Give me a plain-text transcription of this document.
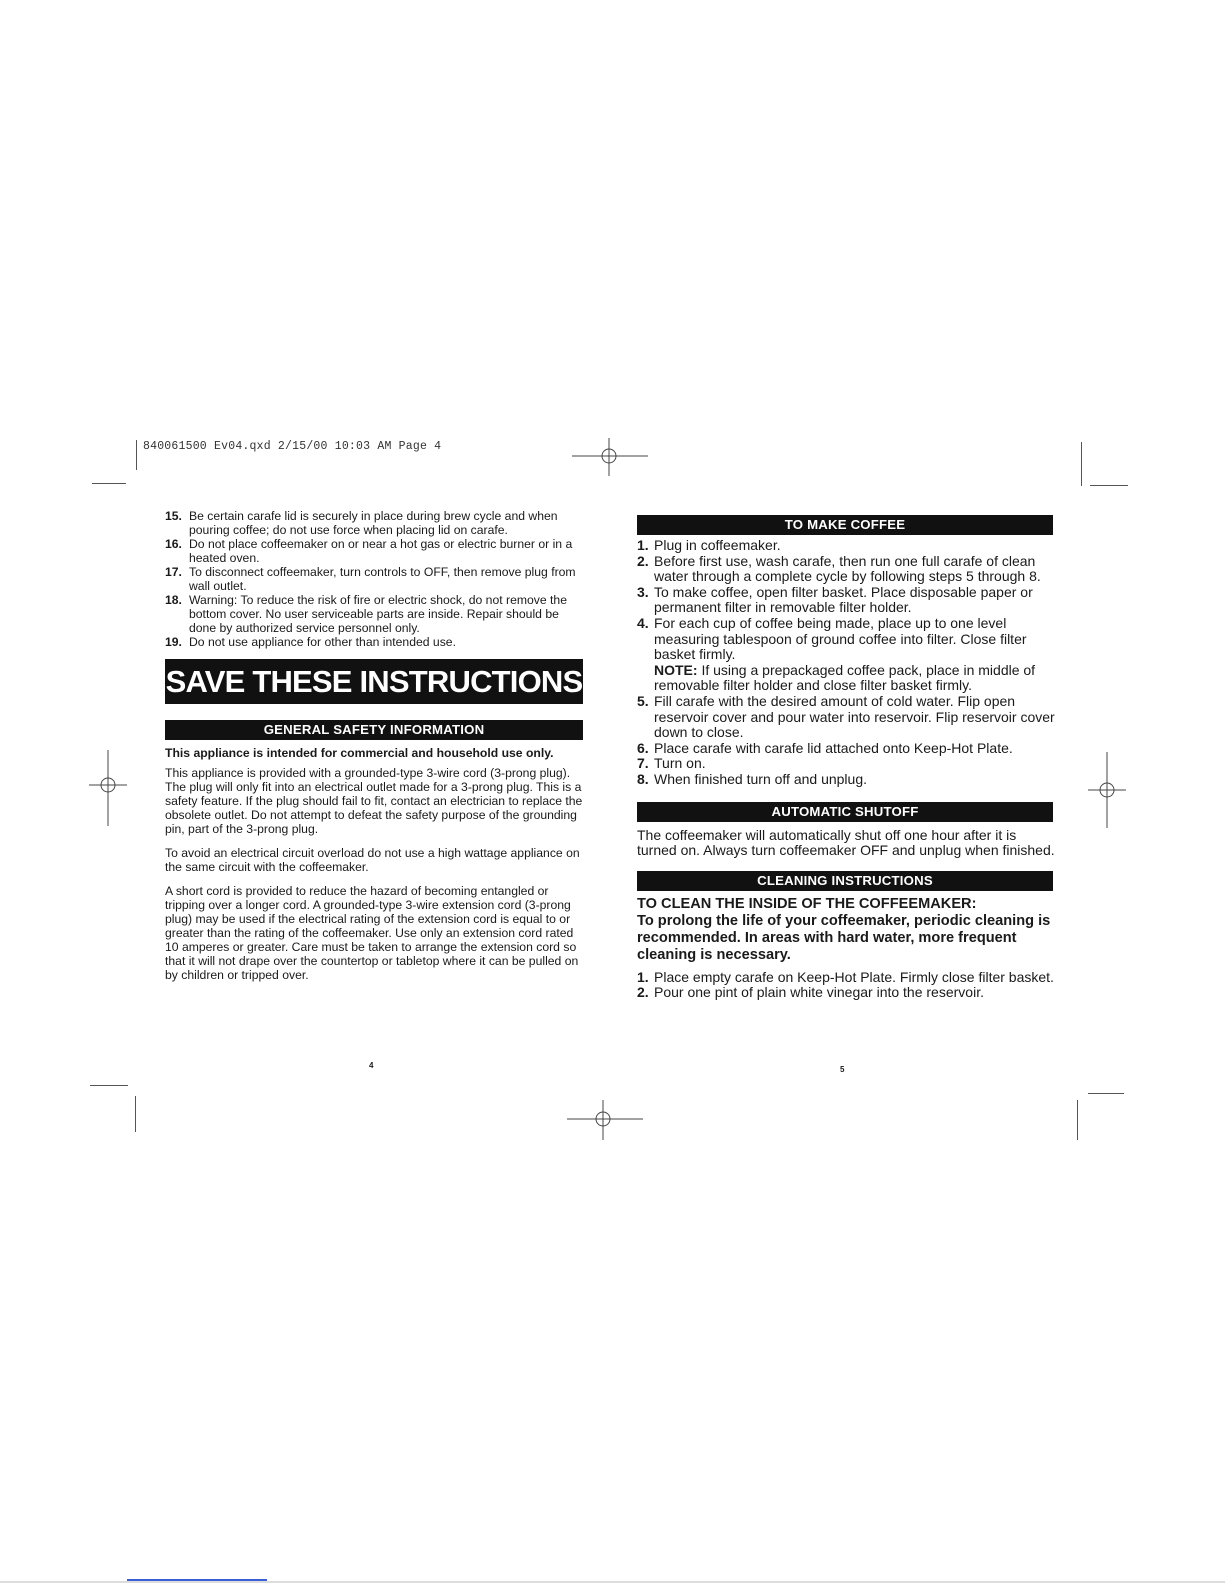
840061500 Ev04.qxd 2/15/00 10:03 AM Page 4
15. Be certain carafe lid is securely in place during brew cycle and when pouring coffee; do not use force when placing lid on carafe.
16. Do not place coffeemaker on or near a hot gas or electric burner or in a heated oven.
17. To disconnect coffeemaker, turn controls to OFF, then remove plug from wall outlet.
18. Warning: To reduce the risk of fire or electric shock, do not remove the bottom cover. No user serviceable parts are inside. Repair should be done by authorized service personnel only.
19. Do not use appliance for other than intended use.
SAVE THESE INSTRUCTIONS
GENERAL SAFETY INFORMATION

This appliance is intended for commercial and household use only.

This appliance is provided with a grounded-type 3-wire cord (3-prong plug). The plug will only fit into an electrical outlet made for a 3-prong plug. This is a safety feature. If the plug should fail to fit, contact an electrician to replace the obsolete outlet. Do not attempt to defeat the safety purpose of the grounding pin, part of the 3-prong plug.

To avoid an electrical circuit overload do not use a high wattage appliance on the same circuit with the coffeemaker.

A short cord is provided to reduce the hazard of becoming entangled or tripping over a longer cord. A grounded-type 3-wire extension cord (3-prong plug) may be used if the electrical rating of the extension cord is equal to or greater than the rating of the coffeemaker. Use only an extension cord rated 10 amperes or greater. Care must be taken to arrange the extension cord so that it will not drape over the countertop or tabletop where it can be pulled on by children or tripped over.

4
TO MAKE COFFEE
1. Plug in coffeemaker.
2. Before first use, wash carafe, then run one full carafe of clean water through a complete cycle by following steps 5 through 8.
3. To make coffee, open filter basket. Place disposable paper or permanent filter in removable filter holder.
4. For each cup of coffee being made, place up to one level measuring tablespoon of ground coffee into filter. Close filter basket firmly.
NOTE: If using a prepackaged coffee pack, place in middle of removable filter holder and close filter basket firmly.
5. Fill carafe with the desired amount of cold water. Flip open reservoir cover and pour water into reservoir. Flip reservoir cover down to close.
6. Place carafe with carafe lid attached onto Keep-Hot Plate.
7. Turn on.
8. When finished turn off and unplug.
AUTOMATIC SHUTOFF

The coffeemaker will automatically shut off one hour after it is turned on. Always turn coffeemaker OFF and unplug when finished.

CLEANING INSTRUCTIONS
TO CLEAN THE INSIDE OF THE COFFEEMAKER:
To prolong the life of your coffeemaker, periodic cleaning is recommended. In areas with hard water, more frequent cleaning is necessary.
1. Place empty carafe on Keep-Hot Plate. Firmly close filter basket.
2. Pour one pint of plain white vinegar into the reservoir.
5
